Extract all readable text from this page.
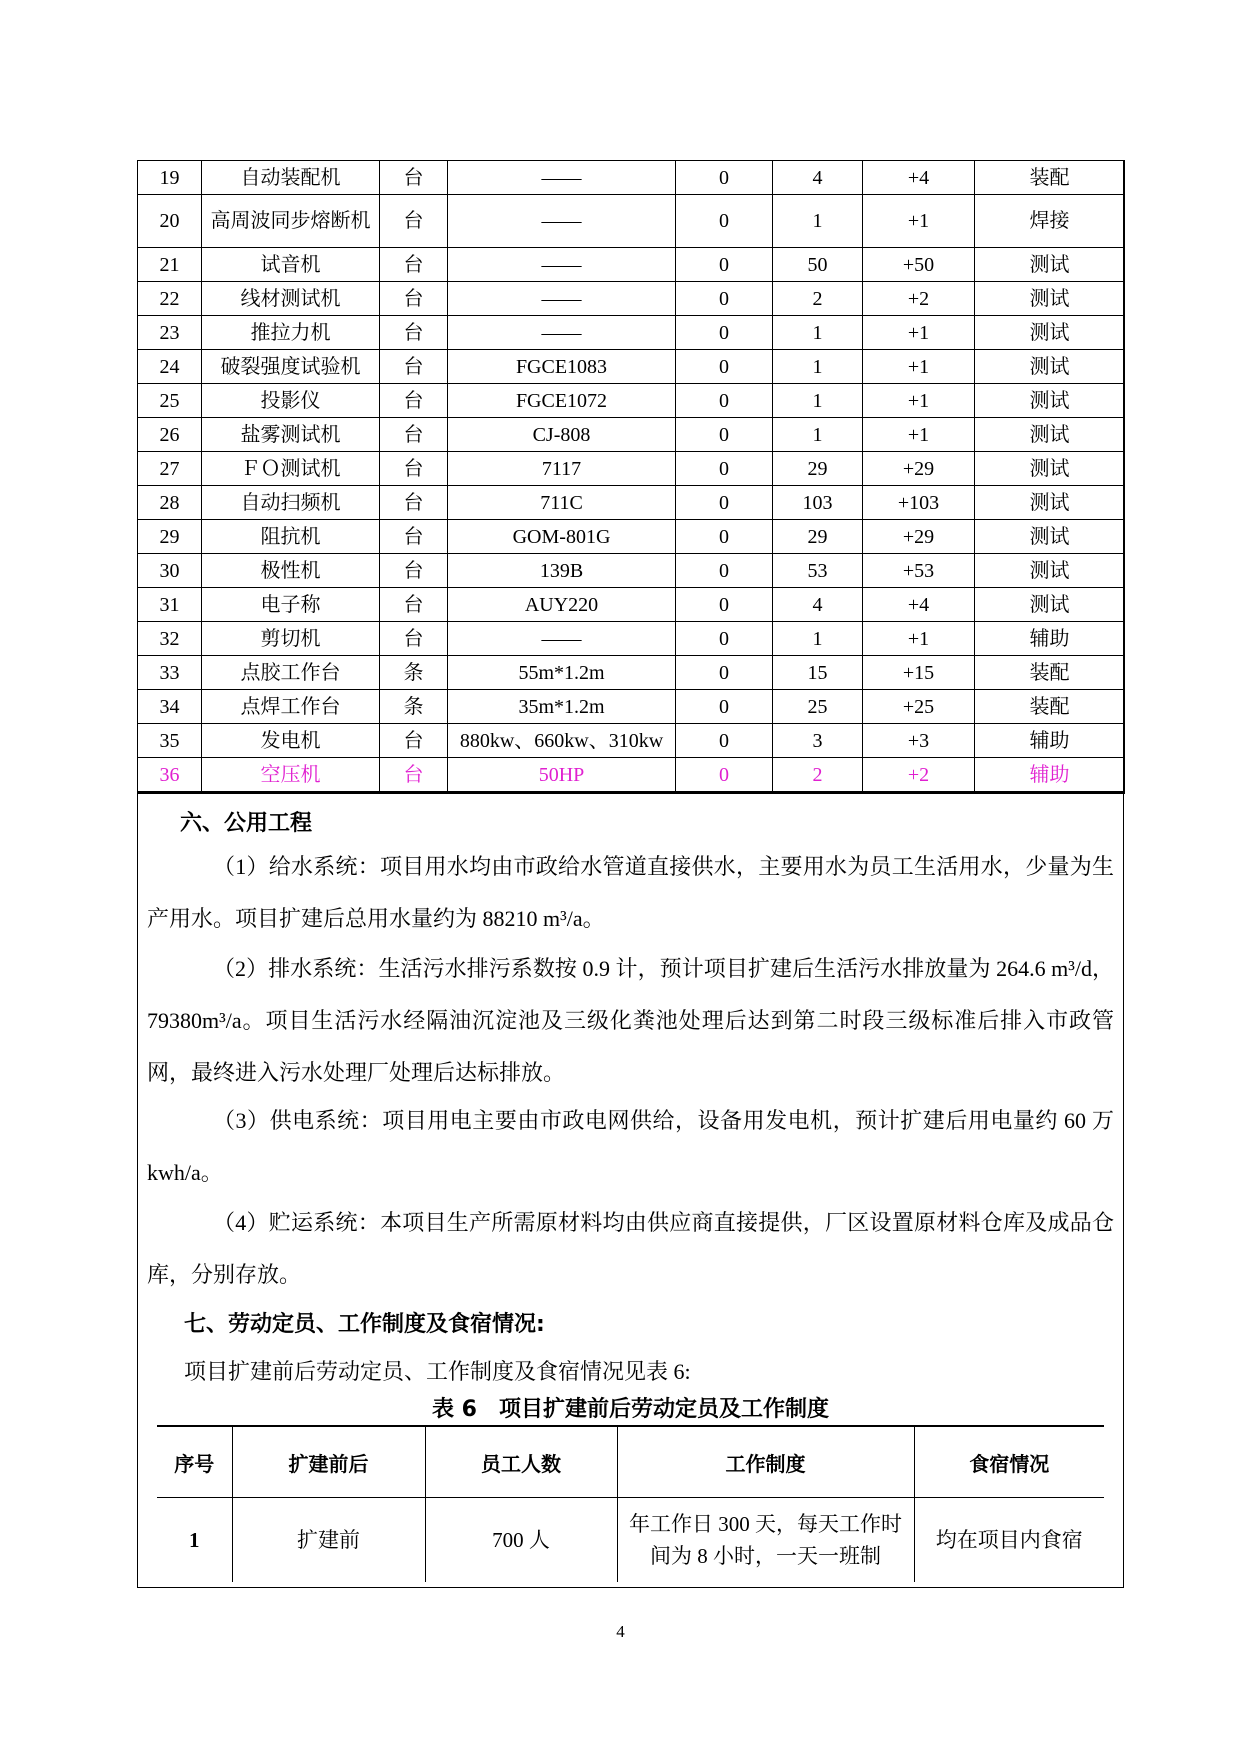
19	自动装配机	台	——	0	4	+4	装配
20	高周波同步熔断机	台	——	0	1	+1	焊接
21	试音机	台	——	0	50	+50	测试
22	线材测试机	台	——	0	2	+2	测试
23	推拉力机	台	——	0	1	+1	测试
24	破裂强度试验机	台	FGCE1083	0	1	+1	测试
25	投影仪	台	FGCE1072	0	1	+1	测试
26	盐雾测试机	台	CJ-808	0	1	+1	测试
27	ＦＯ测试机	台	7117	0	29	+29	测试
28	自动扫频机	台	711C	0	103	+103	测试
29	阻抗机	台	GOM-801G	0	29	+29	测试
30	极性机	台	139B	0	53	+53	测试
31	电子称	台	AUY220	0	4	+4	测试
32	剪切机	台	——	0	1	+1	辅助
33	点胶工作台	条	55m*1.2m	0	15	+15	装配
34	点焊工作台	条	35m*1.2m	0	25	+25	装配
35	发电机	台	880kw、660kw、310kw	0	3	+3	辅助
36	空压机	台	50HP	0	2	+2	辅助
六、公用工程
（1）给水系统：项目用水均由市政给水管道直接供水，主要用水为员工生活用水，少量为生产用水。项目扩建后总用水量约为 88210 m³/a。
（2）排水系统：生活污水排污系数按 0.9 计，预计项目扩建后生活污水排放量为 264.6 m³/d，79380m³/a。项目生活污水经隔油沉淀池及三级化粪池处理后达到第二时段三级标准后排入市政管网，最终进入污水处理厂处理后达标排放。
（3）供电系统：项目用电主要由市政电网供给，设备用发电机，预计扩建后用电量约 60 万 kwh/a。
（4）贮运系统：本项目生产所需原材料均由供应商直接提供，厂区设置原材料仓库及成品仓库，分别存放。
七、劳动定员、工作制度及食宿情况:
项目扩建前后劳动定员、工作制度及食宿情况见表 6:
表 6　项目扩建前后劳动定员及工作制度
序号	扩建前后	员工人数	工作制度	食宿情况
1	扩建前	700 人	年工作日 300 天，每天工作时间为 8 小时，一天一班制	均在项目内食宿
4
